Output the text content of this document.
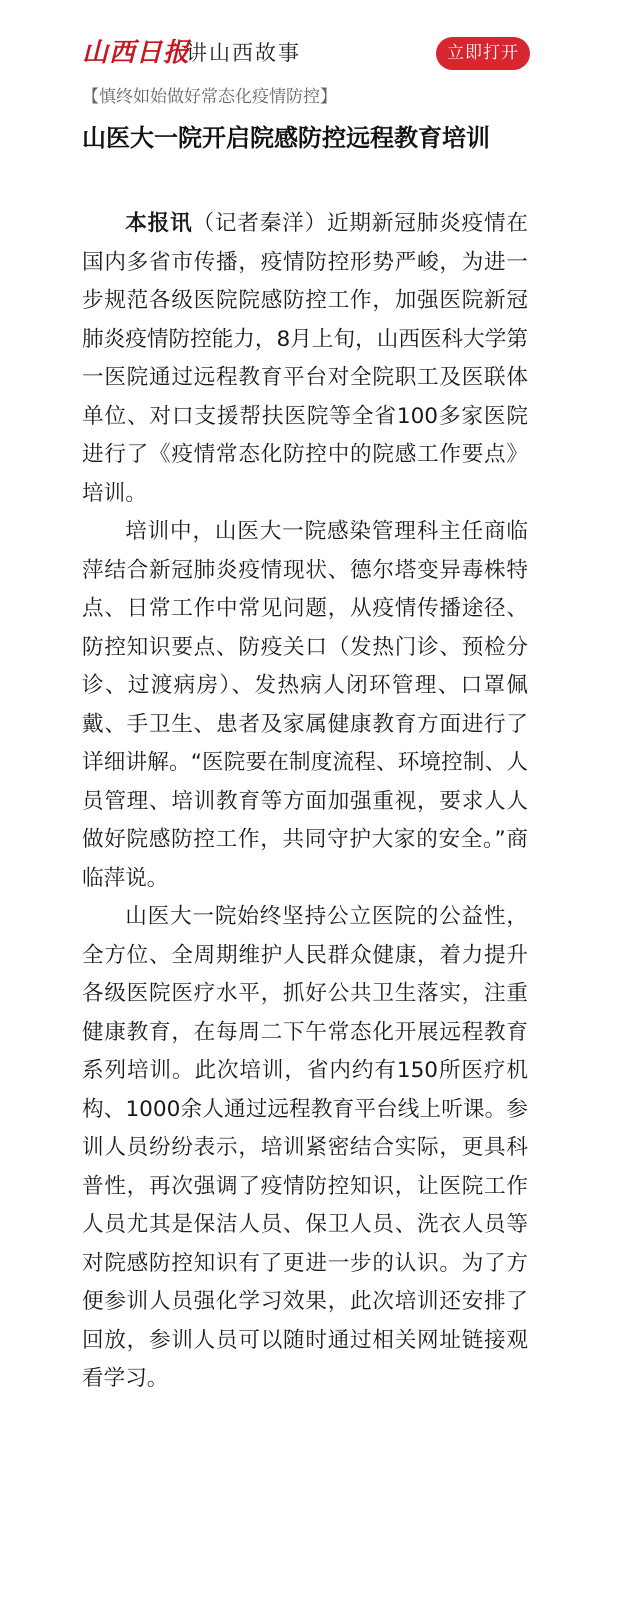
山西日报
讲山西故事	立即打开
【慎终如始做好常态化疫情防控】
山医大一院开启院感防控远程教育培训

本报讯（记者秦洋）近期新冠肺炎疫情在国内多省市传播，疫情防控形势严峻，为进一步规范各级医院院感防控工作，加强医院新冠肺炎疫情防控能力，8月上旬，山西医科大学第一医院通过远程教育平台对全院职工及医联体单位、对口支援帮扶医院等全省100多家医院进行了《疫情常态化防控中的院感工作要点》培训。

培训中，山医大一院感染管理科主任商临萍结合新冠肺炎疫情现状、德尔塔变异毒株特点、日常工作中常见问题，从疫情传播途径、防控知识要点、防疫关口（发热门诊、预检分诊、过渡病房）、发热病人闭环管理、口罩佩戴、手卫生、患者及家属健康教育方面进行了详细讲解。“医院要在制度流程、环境控制、人员管理、培训教育等方面加强重视，要求人人做好院感防控工作，共同守护大家的安全。”商临萍说。

山医大一院始终坚持公立医院的公益性，全方位、全周期维护人民群众健康，着力提升各级医院医疗水平，抓好公共卫生落实，注重健康教育，在每周二下午常态化开展远程教育系列培训。此次培训，省内约有150所医疗机构、1000余人通过远程教育平台线上听课。参训人员纷纷表示，培训紧密结合实际，更具科普性，再次强调了疫情防控知识，让医院工作人员尤其是保洁人员、保卫人员、洗衣人员等对院感防控知识有了更进一步的认识。为了方便参训人员强化学习效果，此次培训还安排了回放，参训人员可以随时通过相关网址链接观看学习。
